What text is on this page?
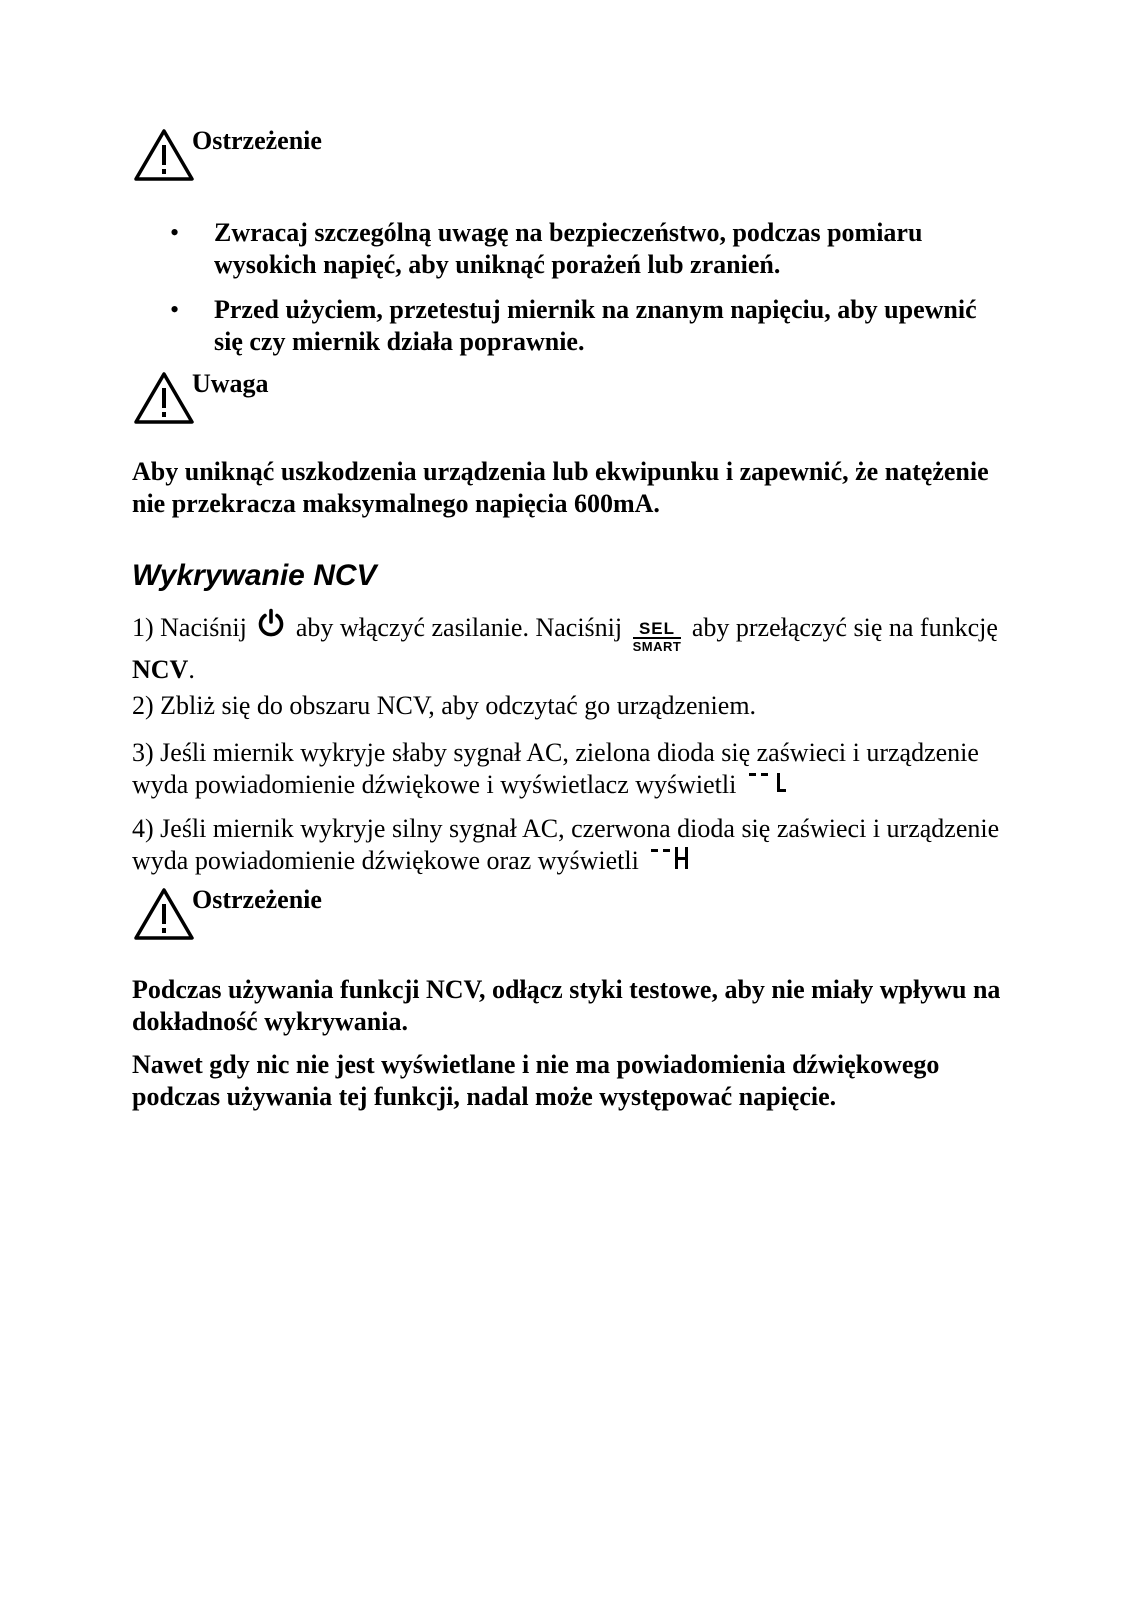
Ostrzeżenie
• Zwracaj szczególną uwagę na bezpieczeństwo, podczas pomiaru wysokich napięć, aby uniknąć porażeń lub zranień.
• Przed użyciem, przetestuj miernik na znanym napięciu, aby upewnić się czy miernik działa poprawnie.
Uwaga
Aby uniknąć uszkodzenia urządzenia lub ekwipunku i zapewnić, że natężenie nie przekracza maksymalnego napięcia 600mA.
Wykrywanie NCV
1) Naciśnij aby włączyć zasilanie. Naciśnij SEL
SMART
aby przełączyć się na funkcję NCV.
2) Zbliż się do obszaru NCV, aby odczytać go urządzeniem.
3) Jeśli miernik wykryje słaby sygnał AC, zielona dioda się zaświeci i urządzenie wyda powiadomienie dźwiękowe i wyświetlacz wyświetli
4) Jeśli miernik wykryje silny sygnał AC, czerwona dioda się zaświeci i urządzenie wyda powiadomienie dźwiękowe oraz wyświetli
Ostrzeżenie
Podczas używania funkcji NCV, odłącz styki testowe, aby nie miały wpływu na dokładność wykrywania.
Nawet gdy nic nie jest wyświetlane i nie ma powiadomienia dźwiękowego podczas używania tej funkcji, nadal może występować napięcie.
